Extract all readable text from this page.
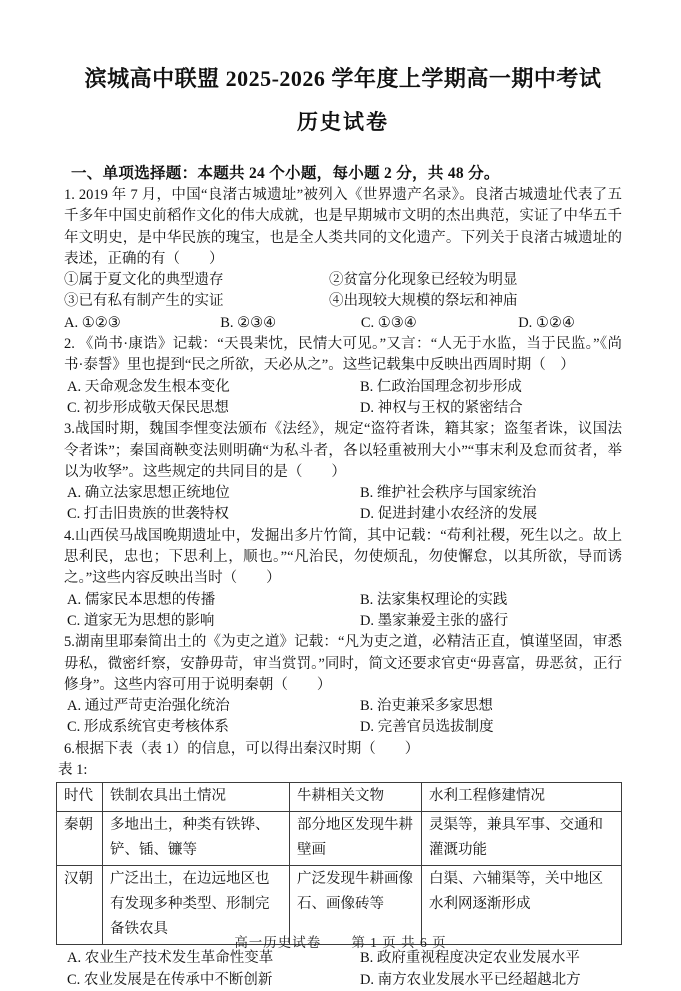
滨城高中联盟 2025-2026 学年度上学期高一期中考试
历史试卷

一、单项选择题：本题共 24 个小题，每小题 2 分，共 48 分。

1. 2019 年 7 月，中国“良渚古城遗址”被列入《世界遗产名录》。良渚古城遗址代表了五千多年中国史前稻作文化的伟大成就，也是早期城市文明的杰出典范，实证了中华五千年文明史，是中华民族的瑰宝，也是全人类共同的文化遗产。下列关于良渚古城遗址的表述，正确的有（　　）

①属于夏文化的典型遗存	②贫富分化现象已经较为明显
③已有私有制产生的实证	④出现较大规模的祭坛和神庙
A. ①②③	B. ②③④	C. ①③④	D. ①②④

2. 《尚书·康诰》记载：“天畏棐忱，民情大可见。”又言：“人无于水监，当于民监。”《尚书·泰誓》里也提到“民之所欲，天必从之”。这些记载集中反映出西周时期（　）

A. 天命观念发生根本变化	B. 仁政治国理念初步形成
C. 初步形成敬天保民思想	D. 神权与王权的紧密结合

3.战国时期，魏国李悝变法颁布《法经》，规定“盗符者诛，籍其家；盗玺者诛，议国法令者诛”；秦国商鞅变法则明确“为私斗者，各以轻重被刑大小”“事末利及怠而贫者，举以为收孥”。这些规定的共同目的是（　　）

A. 确立法家思想正统地位	B. 维护社会秩序与国家统治
C. 打击旧贵族的世袭特权	D. 促进封建小农经济的发展

4.山西侯马战国晚期遗址中，发掘出多片竹简，其中记载：“苟利社稷，死生以之。故上思利民，忠也；下思利上，顺也。”“凡治民，勿使烦乱，勿使懈怠，以其所欲，导而诱之。”这些内容反映出当时（　　）

A. 儒家民本思想的传播	B. 法家集权理论的实践
C. 道家无为思想的影响	D. 墨家兼爱主张的盛行

5.湖南里耶秦简出土的《为吏之道》记载：“凡为吏之道，必精洁正直，慎谨坚固，审悉毋私，微密纤察，安静毋苛，审当赏罚。”同时，简文还要求官吏“毋喜富，毋恶贫，正行修身”。这些内容可用于说明秦朝（　　）

A. 通过严苛吏治强化统治	B. 治吏兼采多家思想
C. 形成系统官吏考核体系	D. 完善官员选拔制度

6.根据下表（表 1）的信息，可以得出秦汉时期（　　）

表 1:

时代	铁制农具出土情况	牛耕相关文物	水利工程修建情况
秦朝	多地出土，种类有铁铧、铲、锸、镰等	部分地区发现牛耕壁画	灵渠等，兼具军事、交通和灌溉功能
汉朝	广泛出土，在边远地区也有发现多种类型、形制完备铁农具	广泛发现牛耕画像石、画像砖等	白渠、六辅渠等，关中地区水利网逐渐形成
A. 农业生产技术发生革命性变革	B. 政府重视程度决定农业发展水平
C. 农业发展是在传承中不断创新	D. 南方农业发展水平已经超越北方
高一历史试卷 第 1 页 共 6 页
